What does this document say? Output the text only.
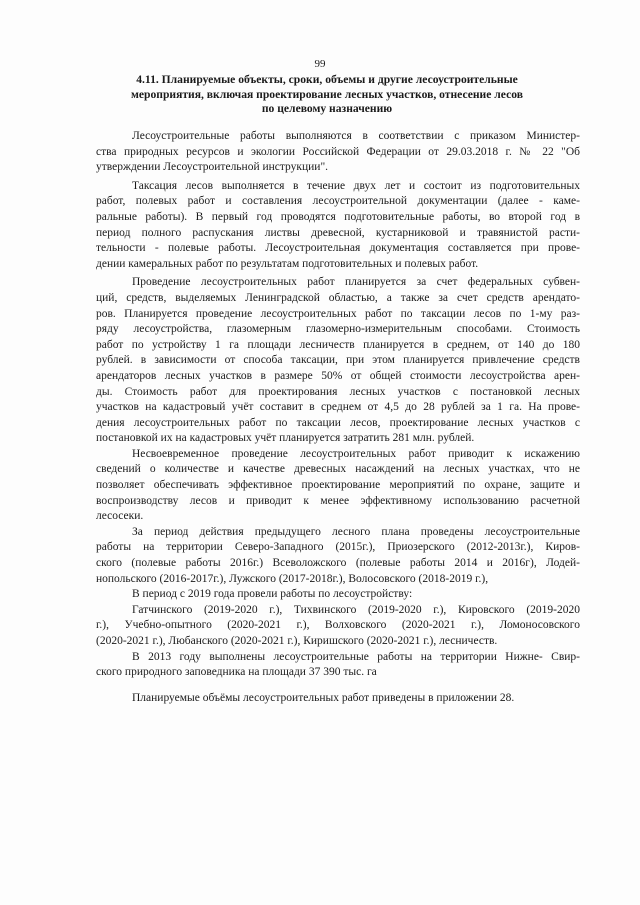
99
4.11. Планируемые объекты, сроки, объемы и другие лесоустроительные
мероприятия, включая проектирование лесных участков, отнесение лесов
по целевому назначению
Лесоустроительные работы выполняются в соответствии с приказом Министер-
ства природных ресурсов и экологии Российской Федерации от 29.03.2018 г. № 22 "Об
утверждении Лесоустроительной инструкции".
Таксация лесов выполняется в течение двух лет и состоит из подготовительных
работ, полевых работ и составления лесоустроительной документации (далее - каме-
ральные работы). В первый год проводятся подготовительные работы, во второй год в
период полного распускания листвы древесной, кустарниковой и травянистой расти-
тельности - полевые работы. Лесоустроительная документация составляется при прове-
дении камеральных работ по результатам подготовительных и полевых работ.
Проведение лесоустроительных работ планируется за счет федеральных субвен-
ций, средств, выделяемых Ленинградской областью, а также за счет средств арендато-
ров. Планируется проведение лесоустроительных работ по таксации лесов по 1-му раз-
ряду лесоустройства, глазомерным глазомерно-измерительным способами. Стоимость
работ по устройству 1 га площади лесничеств планируется в среднем, от 140 до 180
рублей. в зависимости от способа таксации, при этом планируется привлечение средств
арендаторов лесных участков в размере 50% от общей стоимости лесоустройства арен-
ды. Стоимость работ для проектирования лесных участков с постановкой лесных
участков на кадастровый учёт составит в среднем от 4,5 до 28 рублей за 1 га. На прове-
дения лесоустроительных работ по таксации лесов, проектирование лесных участков с
постановкой их на кадастровых учёт планируется затратить 281 млн. рублей.
Несвоевременное проведение лесоустроительных работ приводит к искажению
сведений о количестве и качестве древесных насаждений на лесных участках, что не
позволяет обеспечивать эффективное проектирование мероприятий по охране, защите и
воспроизводству лесов и приводит к менее эффективному использованию расчетной
лесосеки.
За период действия предыдущего лесного плана проведены лесоустроительные
работы на территории Северо-Западного (2015г.), Приозерского (2012-2013г.), Киров-
ского (полевые работы 2016г.) Всеволожского (полевые работы 2014 и 2016г), Лодей-
нопольского (2016-2017г.), Лужского (2017-2018г.), Волосовского (2018-2019 г.),
В период с 2019 года провели работы по лесоустройству:
Гатчинского (2019-2020 г.), Тихвинского (2019-2020 г.), Кировского (2019-2020
г.), Учебно-опытного (2020-2021 г.), Волховского (2020-2021 г.), Ломоносовского
(2020-2021 г.), Любанского (2020-2021 г.), Киришского (2020-2021 г.), лесничеств.
В 2013 году выполнены лесоустроительные работы на территории Нижне- Свир-
ского природного заповедника на площади 37 390 тыс. га
Планируемые объёмы лесоустроительных работ приведены в приложении 28.
